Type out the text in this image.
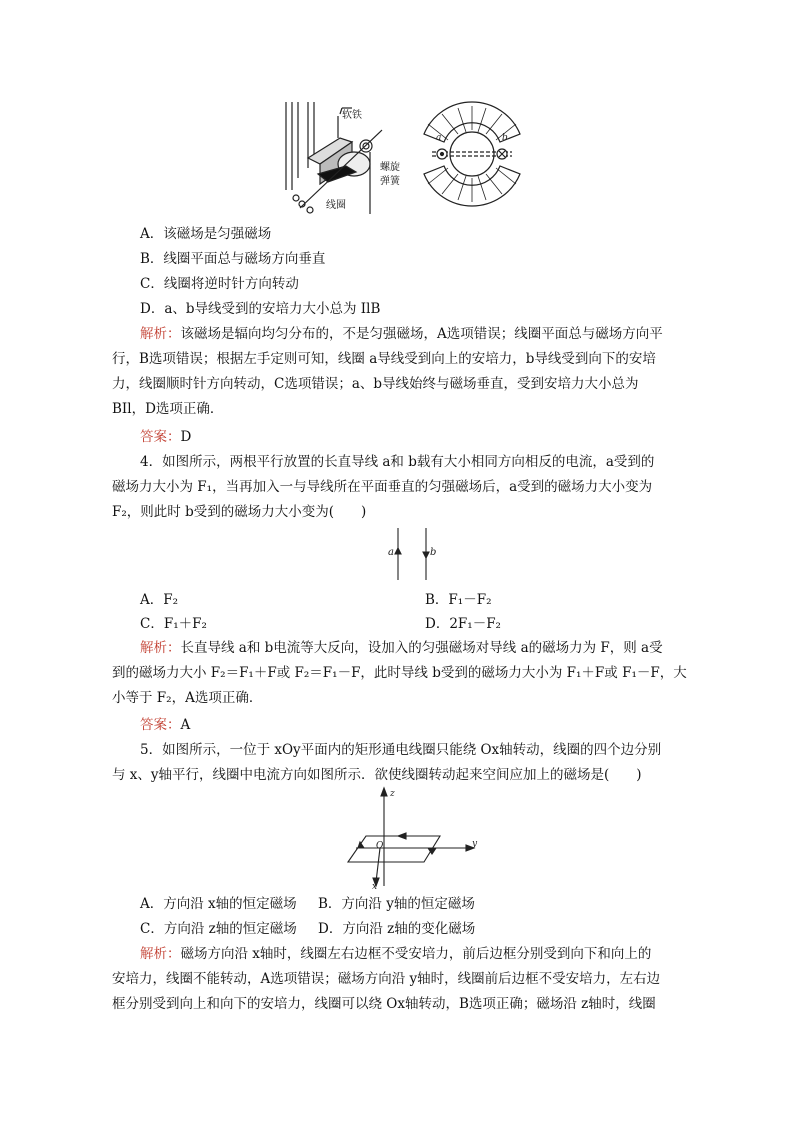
a	b
软铁
螺旋
弹簧
线圈
A．该磁场是匀强磁场
B．线圈平面总与磁场方向垂直
C．线圈将逆时针方向转动
D．a、b导线受到的安培力大小总为 IlB
解析：该磁场是辐向均匀分布的，不是匀强磁场，A选项错误；线圈平面总与磁场方向平
行，B选项错误；根据左手定则可知，线圈 a导线受到向上的安培力，b导线受到向下的安培
力，线圈顺时针方向转动，C选项错误；a、b导线始终与磁场垂直，受到安培力大小总为
BIl，D选项正确．
答案：D
4．如图所示，两根平行放置的长直导线 a和 b载有大小相同方向相反的电流，a受到的
磁场力大小为 F₁，当再加入一与导线所在平面垂直的匀强磁场后，a受到的磁场力大小变为
F₂，则此时 b受到的磁场力大小变为(　　)
a	b
A．F₂	B．F₁－F₂
C．F₁＋F₂	D．2F₁－F₂
解析：长直导线 a和 b电流等大反向，设加入的匀强磁场对导线 a的磁场力为 F，则 a受
到的磁场力大小 F₂＝F₁＋F或 F₂＝F₁－F，此时导线 b受到的磁场力大小为 F₁＋F或 F₁－F，大
小等于 F₂，A选项正确．
答案：A
5．如图所示，一位于 xOy平面内的矩形通电线圈只能绕 Ox轴转动，线圈的四个边分别
与 x、y轴平行，线圈中电流方向如图所示．欲使线圈转动起来空间应加上的磁场是(　　)
z
y
x
O
A．方向沿 x轴的恒定磁场 B．方向沿 y轴的恒定磁场
C．方向沿 z轴的恒定磁场 D．方向沿 z轴的变化磁场
解析：磁场方向沿 x轴时，线圈左右边框不受安培力，前后边框分别受到向下和向上的
安培力，线圈不能转动，A选项错误；磁场方向沿 y轴时，线圈前后边框不受安培力，左右边
框分别受到向上和向下的安培力，线圈可以绕 Ox轴转动，B选项正确；磁场沿 z轴时，线圈
